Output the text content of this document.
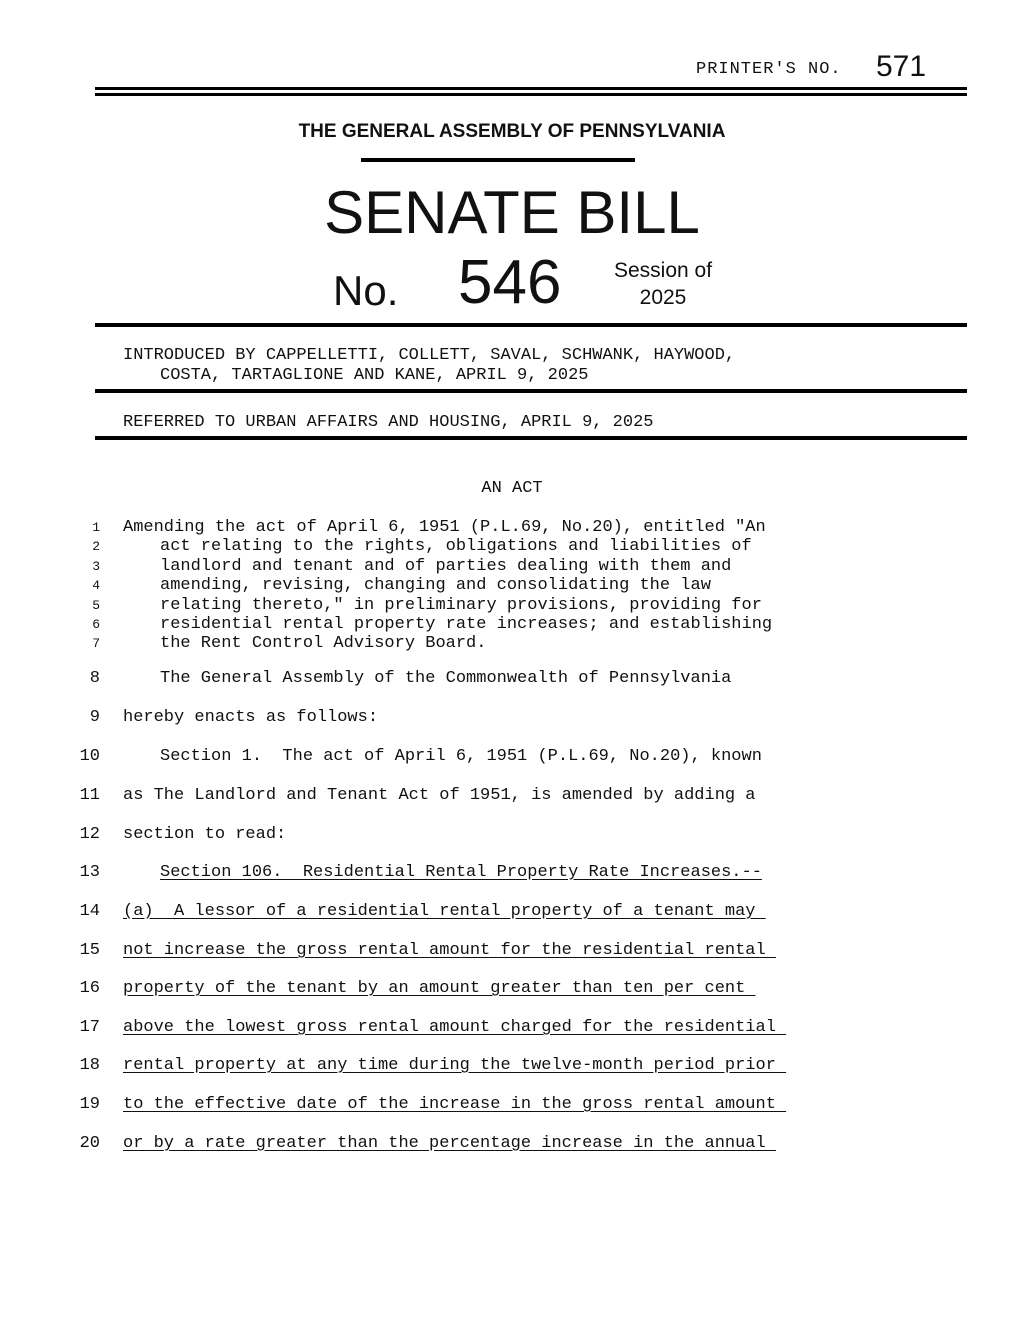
PRINTER'S NO. 571
THE GENERAL ASSEMBLY OF PENNSYLVANIA
SENATE BILL
No. 546	Session of
2025
INTRODUCED BY CAPPELLETTI, COLLETT, SAVAL, SCHWANK, HAYWOOD,
COSTA, TARTAGLIONE AND KANE, APRIL 9, 2025
REFERRED TO URBAN AFFAIRS AND HOUSING, APRIL 9, 2025
AN ACT
1 Amending the act of April 6, 1951 (P.L.69, No.20), entitled "An
2	act relating to the rights, obligations and liabilities of
3	landlord and tenant and of parties dealing with them and
4	amending, revising, changing and consolidating the law
5	relating thereto," in preliminary provisions, providing for
6	residential rental property rate increases; and establishing
7	the Rent Control Advisory Board.
8	The General Assembly of the Commonwealth of Pennsylvania
9 hereby enacts as follows:
10	Section 1.  The act of April 6, 1951 (P.L.69, No.20), known
11 as The Landlord and Tenant Act of 1951, is amended by adding a
12 section to read:
13	Section 106.  Residential Rental Property Rate Increases.--
14 (a)  A lessor of a residential rental property of a tenant may
15 not increase the gross rental amount for the residential rental
16 property of the tenant by an amount greater than ten per cent
17 above the lowest gross rental amount charged for the residential
18 rental property at any time during the twelve-month period prior
19 to the effective date of the increase in the gross rental amount
20 or by a rate greater than the percentage increase in the annual
